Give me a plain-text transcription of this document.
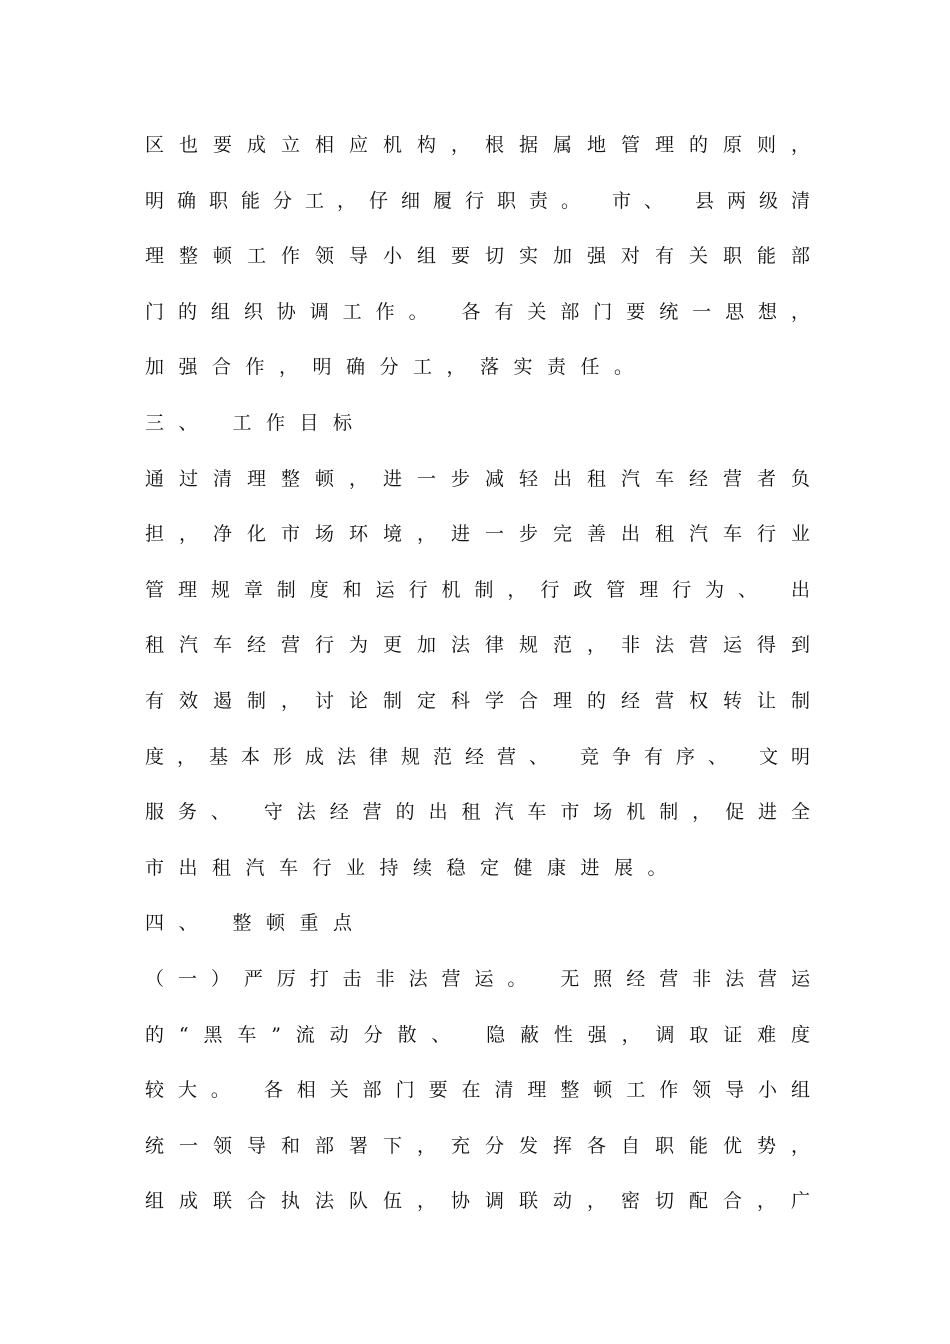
区也要成立相应机构，根据属地管理的原则，
明确职能分工，仔细履行职责。 市、 县两级清
理整顿工作领导小组要切实加强对有关职能部
门的组织协调工作。 各有关部门要统一思想，
加强合作，明确分工，落实责任。
三、 工作目标
通过清理整顿，进一步减轻出租汽车经营者负
担，净化市场环境，进一步完善出租汽车行业
管理规章制度和运行机制，行政管理行为、 出
租汽车经营行为更加法律规范，非法营运得到
有效遏制，讨论制定科学合理的经营权转让制
度，基本形成法律规范经营、 竞争有序、 文明
服务、 守法经营的出租汽车市场机制，促进全
市出租汽车行业持续稳定健康进展。
四、 整顿重点
（一）严厉打击非法营运。 无照经营非法营运
的“黑车”流动分散、 隐蔽性强，调取证难度
较大。 各相关部门要在清理整顿工作领导小组
统一领导和部署下，充分发挥各自职能优势，
组成联合执法队伍，协调联动，密切配合，广
